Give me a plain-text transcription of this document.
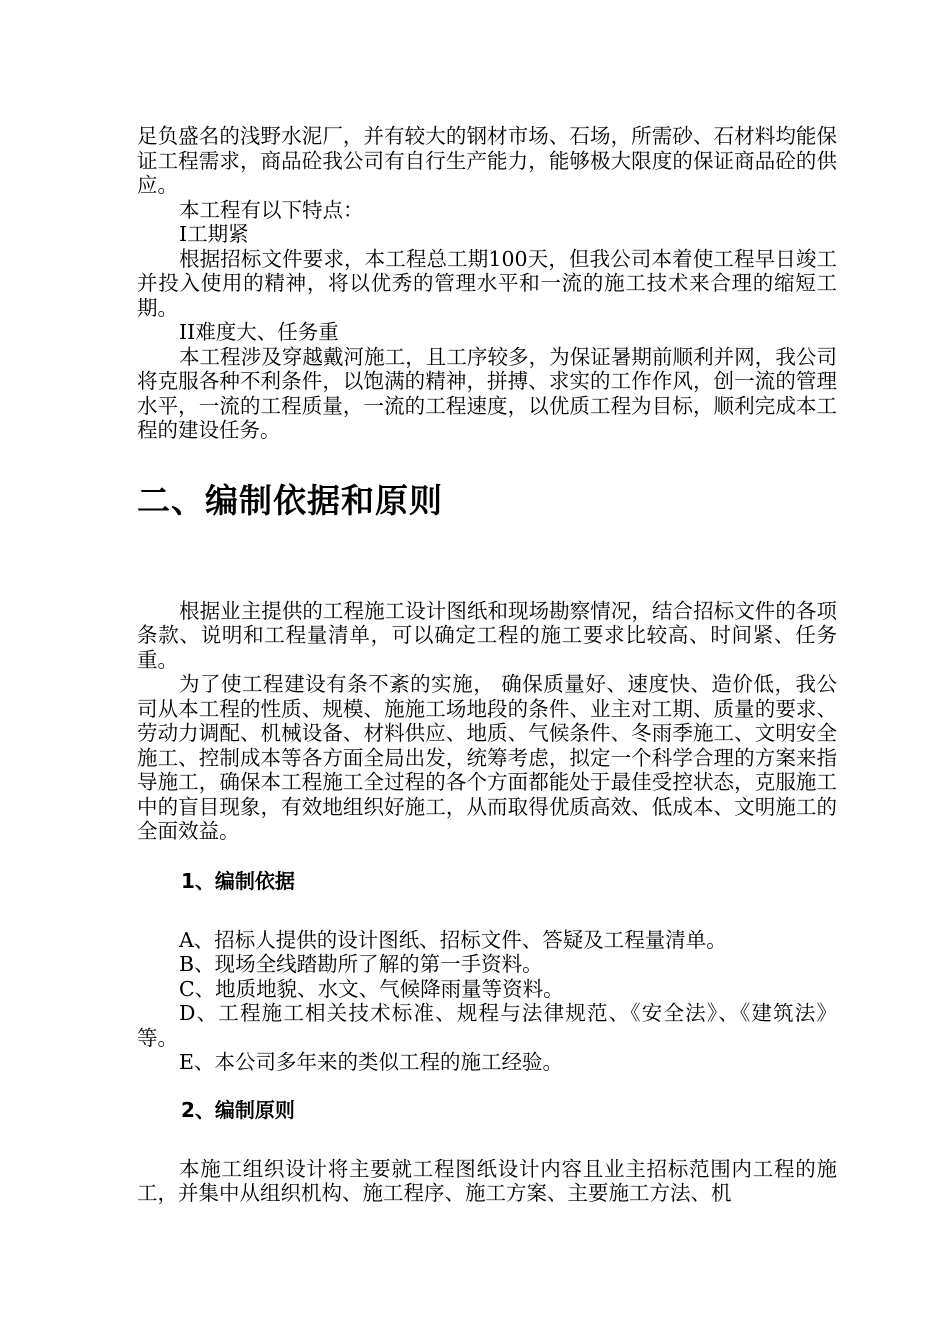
足负盛名的浅野水泥厂，并有较大的钢材市场、石场，所需砂、石材料均能保证工程需求，商品砼我公司有自行生产能力，能够极大限度的保证商品砼的供应。

本工程有以下特点：

I工期紧

根据招标文件要求，本工程总工期100天，但我公司本着使工程早日竣工并投入使用的精神，将以优秀的管理水平和一流的施工技术来合理的缩短工期。

II难度大、任务重

本工程涉及穿越戴河施工，且工序较多，为保证暑期前顺利并网，我公司将克服各种不利条件，以饱满的精神，拼搏、求实的工作作风，创一流的管理水平，一流的工程质量，一流的工程速度，以优质工程为目标，顺利完成本工程的建设任务。

二、编制依据和原则

根据业主提供的工程施工设计图纸和现场勘察情况，结合招标文件的各项条款、说明和工程量清单，可以确定工程的施工要求比较高、时间紧、任务重。

为了使工程建设有条不紊的实施， 确保质量好、速度快、造价低，我公司从本工程的性质、规模、施施工场地段的条件、业主对工期、质量的要求、劳动力调配、机械设备、材料供应、地质、气候条件、冬雨季施工、文明安全施工、控制成本等各方面全局出发，统筹考虑，拟定一个科学合理的方案来指导施工，确保本工程施工全过程的各个方面都能处于最佳受控状态，克服施工中的盲目现象，有效地组织好施工，从而取得优质高效、低成本、文明施工的全面效益。

1、编制依据

A、招标人提供的设计图纸、招标文件、答疑及工程量清单。

B、现场全线踏勘所了解的第一手资料。

C、地质地貌、水文、气候降雨量等资料。

D、工程施工相关技术标准、规程与法律规范、《安全法》、《建筑法》等。

E、本公司多年来的类似工程的施工经验。

2、编制原则

本施工组织设计将主要就工程图纸设计内容且业主招标范围内工程的施工，并集中从组织机构、施工程序、施工方案、主要施工方法、机
